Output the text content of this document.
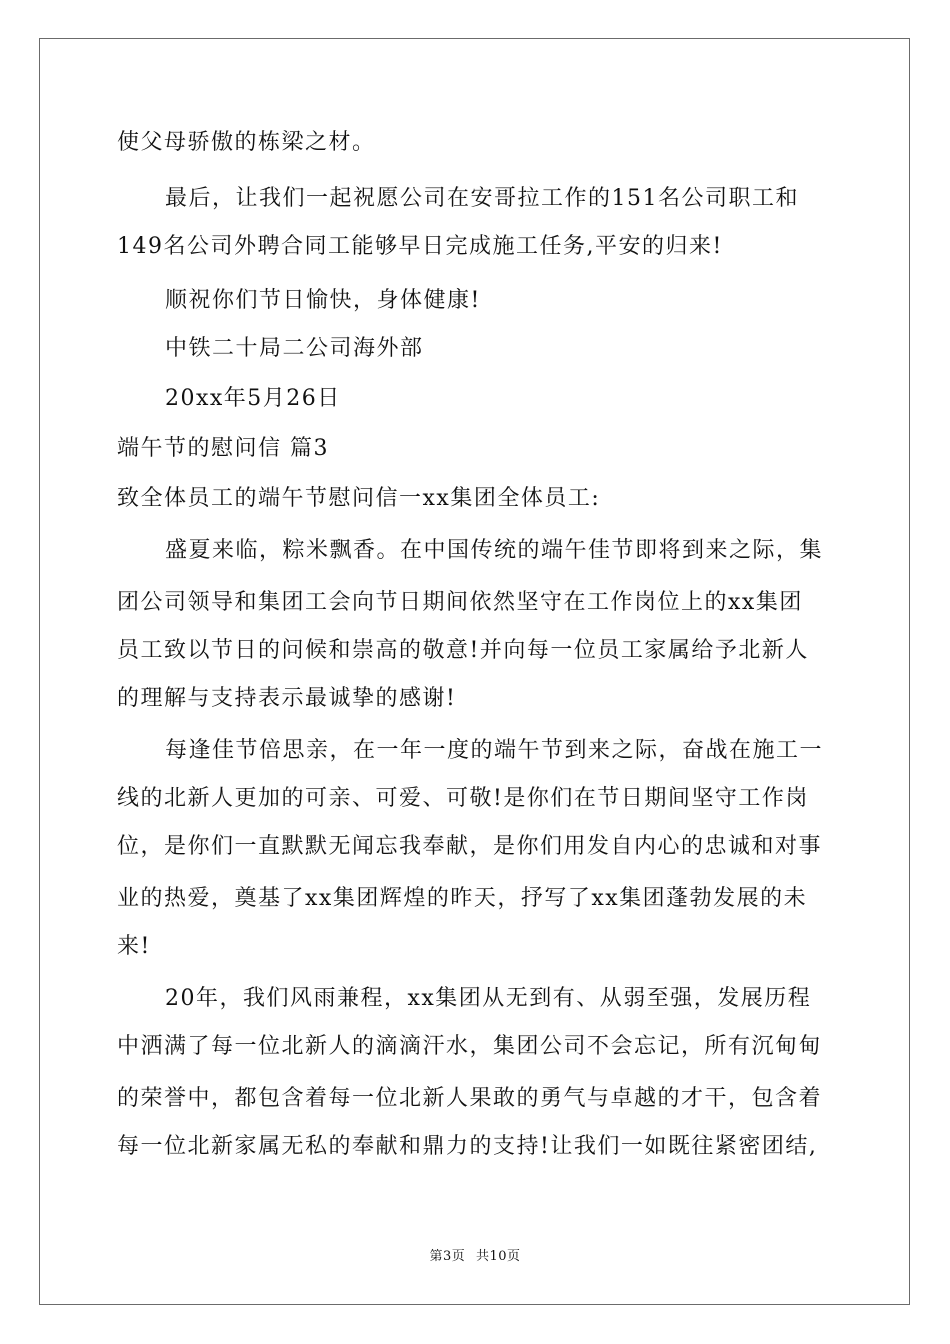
使父母骄傲的栋梁之材。
最后，让我们一起祝愿公司在安哥拉工作的151名公司职工和
149名公司外聘合同工能够早日完成施工任务,平安的归来!
顺祝你们节日愉快，身体健康!
中铁二十局二公司海外部
20xx年5月26日
端午节的慰问信 篇3
致全体员工的端午节慰问信一xx集团全体员工:
盛夏来临，粽米飘香。在中国传统的端午佳节即将到来之际，集
团公司领导和集团工会向节日期间依然坚守在工作岗位上的xx集团
员工致以节日的问候和崇高的敬意!并向每一位员工家属给予北新人
的理解与支持表示最诚挚的感谢!
每逢佳节倍思亲，在一年一度的端午节到来之际，奋战在施工一
线的北新人更加的可亲、可爱、可敬!是你们在节日期间坚守工作岗
位，是你们一直默默无闻忘我奉献，是你们用发自内心的忠诚和对事
业的热爱，奠基了xx集团辉煌的昨天，抒写了xx集团蓬勃发展的未
来!
20年，我们风雨兼程，xx集团从无到有、从弱至强，发展历程
中洒满了每一位北新人的滴滴汗水，集团公司不会忘记，所有沉甸甸
的荣誉中，都包含着每一位北新人果敢的勇气与卓越的才干，包含着
每一位北新家属无私的奉献和鼎力的支持!让我们一如既往紧密团结,
第3页 共10页
